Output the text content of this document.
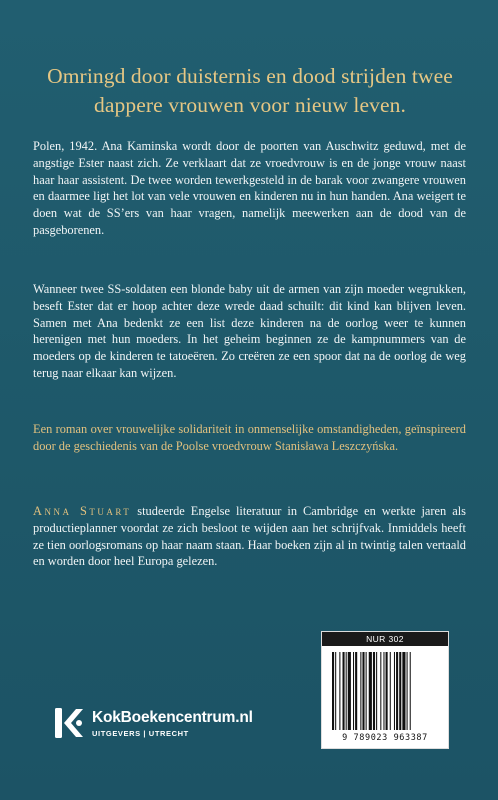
Omringd door duisternis en dood strijden twee dappere vrouwen voor nieuw leven.
Polen, 1942. Ana Kaminska wordt door de poorten van Auschwitz geduwd, met de angstige Ester naast zich. Ze verklaart dat ze vroedvrouw is en de jonge vrouw naast haar haar assistent. De twee worden tewerkgesteld in de barak voor zwangere vrouwen en daarmee ligt het lot van vele vrouwen en kinderen nu in hun handen. Ana weigert te doen wat de SS’ers van haar vragen, namelijk meewerken aan de dood van de pasgeborenen.
Wanneer twee SS-soldaten een blonde baby uit de armen van zijn moeder wegrukken, beseft Ester dat er hoop achter deze wrede daad schuilt: dit kind kan blijven leven. Samen met Ana bedenkt ze een list deze kinderen na de oorlog weer te kunnen herenigen met hun moeders. In het geheim beginnen ze de kampnummers van de moeders op de kinderen te tatoeëren. Zo creëren ze een spoor dat na de oorlog de weg terug naar elkaar kan wijzen.
Een roman over vrouwelijke solidariteit in onmenselijke omstandigheden, geïnspireerd door de geschiedenis van de Poolse vroedvrouw Stanisława Leszczyńska.
Anna Stuart studeerde Engelse literatuur in Cambridge en werkte jaren als productieplanner voordat ze zich besloot te wijden aan het schrijfvak. Inmiddels heeft ze tien oorlogsromans op haar naam staan. Haar boeken zijn al in twintig talen vertaald en worden door heel Europa gelezen.
NUR 302
9 789023 963387
KokBoekencentrum.nl
UITGEVERS | UTRECHT
